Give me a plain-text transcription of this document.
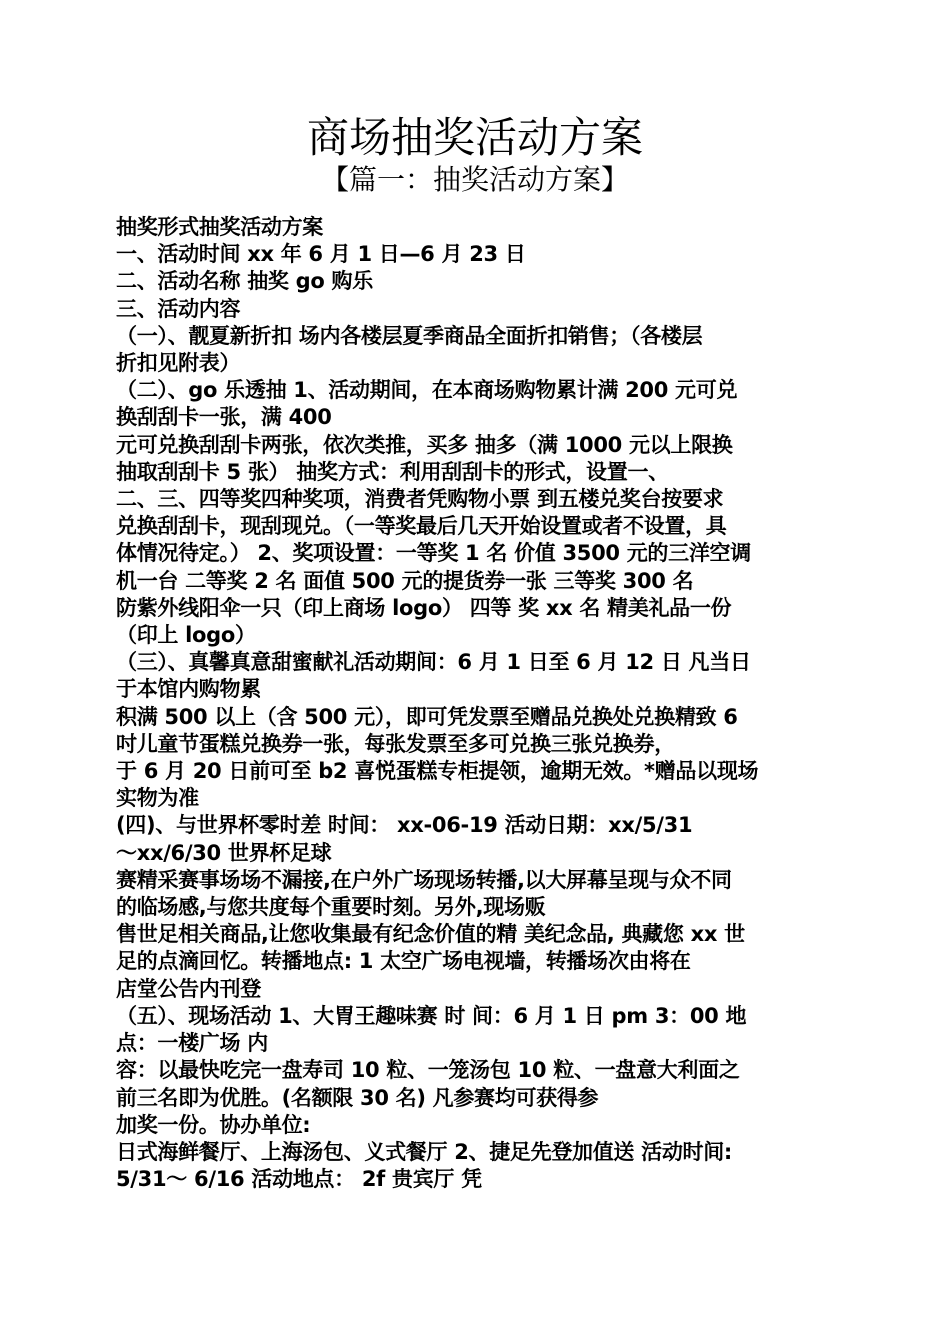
商场抽奖活动方案
【篇一：抽奖活动方案】
抽奖形式抽奖活动方案
一、活动时间 xx 年 6 月 1 日—6 月 23 日
二、活动名称 抽奖 go 购乐
三、活动内容
（一）、靓夏新折扣 场内各楼层夏季商品全面折扣销售；（各楼层
折扣见附表）
（二）、go 乐透抽 1、活动期间，在本商场购物累计满 200 元可兑
换刮刮卡一张，满 400
元可兑换刮刮卡两张，依次类推，买多 抽多（满 1000 元以上限换
抽取刮刮卡 5 张） 抽奖方式：利用刮刮卡的形式，设置一、
二、三、四等奖四种奖项，消费者凭购物小票 到五楼兑奖台按要求
兑换刮刮卡，现刮现兑。（一等奖最后几天开始设置或者不设置，具
体情况待定。） 2、奖项设置：一等奖 1 名 价值 3500 元的三洋空调
机一台 二等奖 2 名 面值 500 元的提货券一张 三等奖 300 名
防紫外线阳伞一只（印上商场 logo） 四等 奖 xx 名 精美礼品一份
（印上 logo）
（三）、真馨真意甜蜜献礼活动期间：6 月 1 日至 6 月 12 日 凡当日
于本馆内购物累
积满 500 以上（含 500 元），即可凭发票至赠品兑换处兑换精致 6
吋儿童节蛋糕兑换券一张，每张发票至多可兑换三张兑换券，
于 6 月 20 日前可至 b2 喜悦蛋糕专柜提领，逾期无效。*赠品以现场
实物为准
(四)、与世界杯零时差 时间： xx-06-19 活动日期：xx/5/31
～xx/6/30 世界杯足球
赛精采赛事场场不漏接,在户外广场现场转播,以大屏幕呈现与众不同
的临场感,与您共度每个重要时刻。另外,现场贩
售世足相关商品,让您收集最有纪念价值的精 美纪念品, 典藏您 xx 世
足的点滴回忆。转播地点: 1 太空广场电视墙，转播场次由将在
店堂公告内刊登
（五）、现场活动 1、大胃王趣味赛 时 间：6 月 1 日 pm 3：00 地
点：一楼广场 内
容：以最快吃完一盘寿司 10 粒、一笼汤包 10 粒、一盘意大利面之
前三名即为优胜。(名额限 30 名) 凡参赛均可获得参
加奖一份。协办单位:
日式海鲜餐厅、上海汤包、义式餐厅 2、捷足先登加值送 活动时间:
5/31～ 6/16 活动地点： 2f 贵宾厅 凭
